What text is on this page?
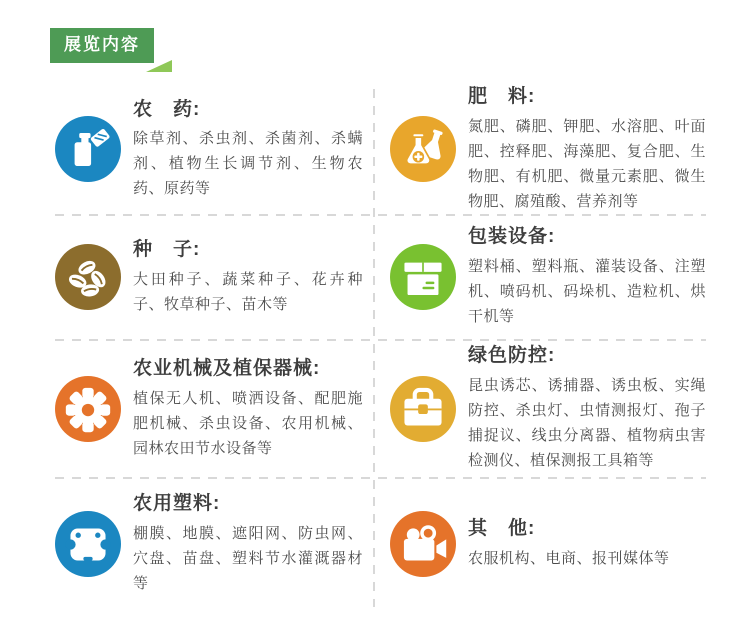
展览内容
农　药:
除草剂、杀虫剂、杀菌剂、杀螨剂、植物生长调节剂、生物农药、原药等
肥　料:
氮肥、磷肥、钾肥、水溶肥、叶面肥、控释肥、海藻肥、复合肥、生物肥、有机肥、微量元素肥、微生物肥、腐殖酸、营养剂等
种　子:
大田种子、蔬菜种子、花卉种子、牧草种子、苗木等
包装设备:
塑料桶、塑料瓶、灌装设备、注塑机、喷码机、码垛机、造粒机、烘干机等
农业机械及植保器械:
植保无人机、喷洒设备、配肥施肥机械、杀虫设备、农用机械、园林农田节水设备等
绿色防控:
昆虫诱芯、诱捕器、诱虫板、实绳防控、杀虫灯、虫情测报灯、孢子捕捉议、线虫分离器、植物病虫害检测仪、植保测报工具箱等
农用塑料:
棚膜、地膜、遮阳网、防虫网、穴盘、苗盘、塑料节水灌溉器材等
其　他:
农服机构、电商、报刊媒体等
